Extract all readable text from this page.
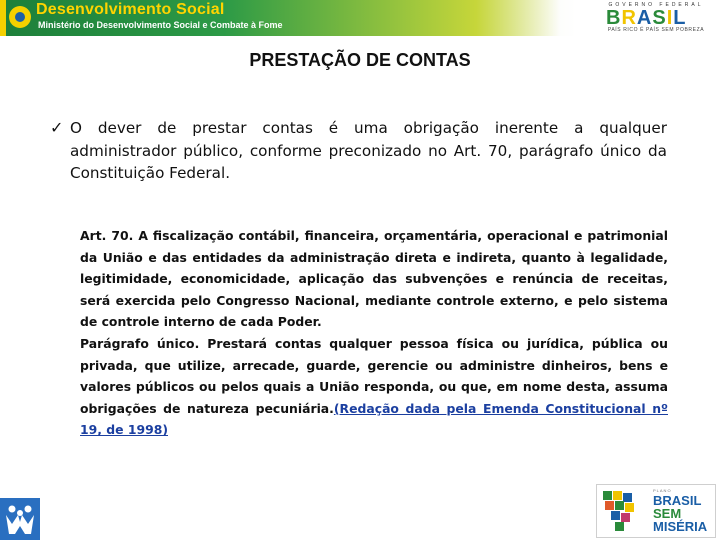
Desenvolvimento Social
Ministério do Desenvolvimento Social e Combate à Fome
GOVERNO FEDERAL
BRASIL
PAÍS RICO É PAÍS SEM POBREZA
PRESTAÇÃO DE CONTAS
✓ O dever de prestar contas é uma obrigação inerente a qualquer administrador público, conforme preconizado no Art. 70, parágrafo único da Constituição Federal.

Art. 70. A fiscalização contábil, financeira, orçamentária, operacional e patrimonial da União e das entidades da administração direta e indireta, quanto à legalidade, legitimidade, economicidade, aplicação das subvenções e renúncia de receitas, será exercida pelo Congresso Nacional, mediante controle externo, e pelo sistema de controle interno de cada Poder.

Parágrafo único. Prestará contas qualquer pessoa física ou jurídica, pública ou privada, que utilize, arrecade, guarde, gerencie ou administre dinheiros, bens e valores públicos ou pelos quais a União responda, ou que, em nome desta, assuma obrigações de natureza pecuniária.(Redação dada pela Emenda Constitucional nº 19, de 1998)

PLANO
BRASIL
SEM
MISÉRIA
